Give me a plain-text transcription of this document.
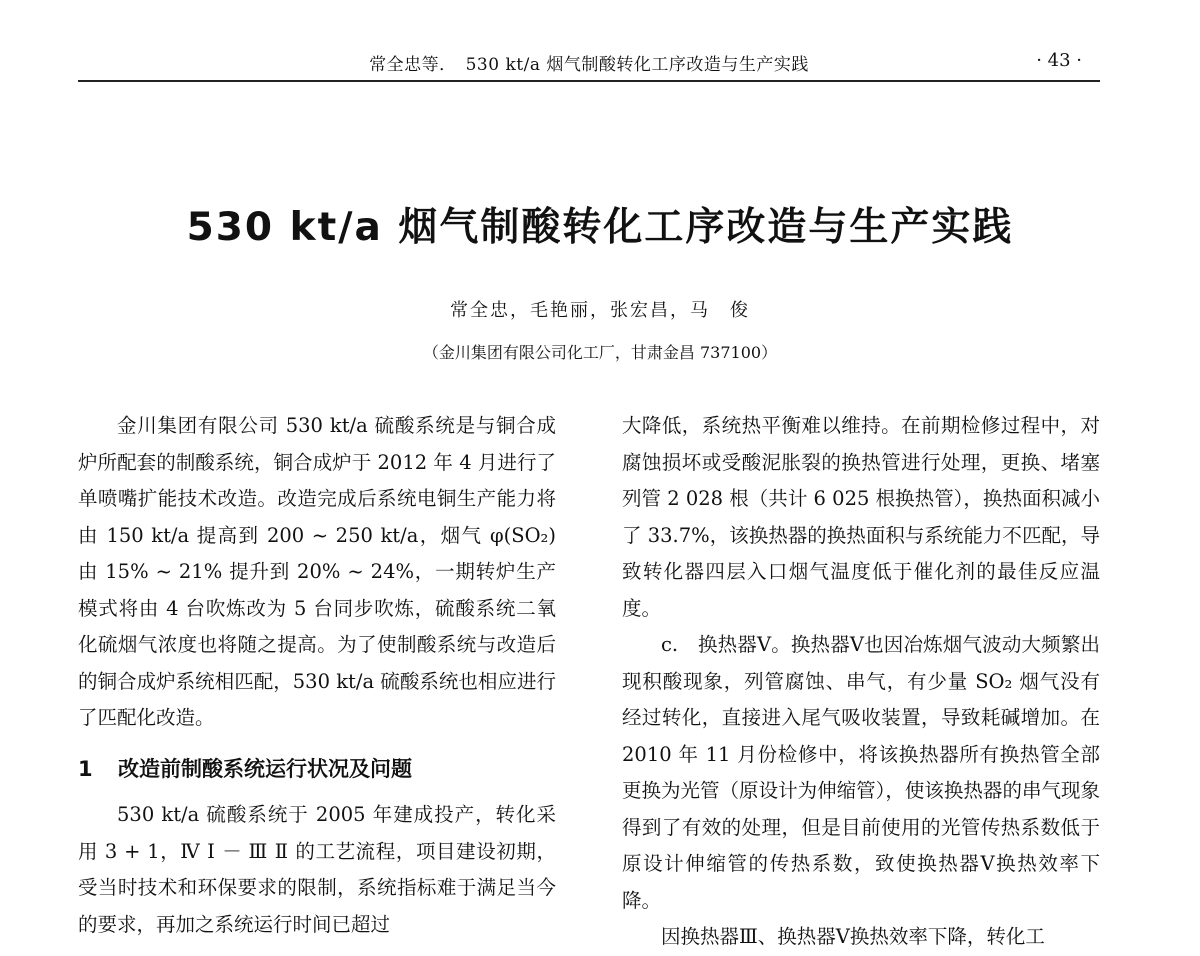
常全忠等．　530 kt/a 烟气制酸转化工序改造与生产实践	· 43 ·
530 kt/a 烟气制酸转化工序改造与生产实践
常全忠，毛艳丽，张宏昌，马　俊
（金川集团有限公司化工厂，甘肃金昌 737100）

金川集团有限公司 530 kt/a 硫酸系统是与铜合成炉所配套的制酸系统，铜合成炉于 2012 年 4 月进行了单喷嘴扩能技术改造。改造完成后系统电铜生产能力将由 150 kt/a 提高到 200 ~ 250 kt/a，烟气 φ(SO₂) 由 15% ~ 21% 提升到 20% ~ 24%，一期转炉生产模式将由 4 台吹炼改为 5 台同步吹炼，硫酸系统二氧化硫烟气浓度也将随之提高。为了使制酸系统与改造后的铜合成炉系统相匹配，530 kt/a 硫酸系统也相应进行了匹配化改造。

1 改造前制酸系统运行状况及问题

530 kt/a 硫酸系统于 2005 年建成投产，转化采用 3 + 1，Ⅳ Ⅰ － Ⅲ Ⅱ 的工艺流程，项目建设初期，受当时技术和环保要求的限制，系统指标难于满足当今的要求，再加之系统运行时间已超过

大降低，系统热平衡难以维持。在前期检修过程中，对腐蚀损坏或受酸泥胀裂的换热管进行处理，更换、堵塞列管 2 028 根（共计 6 025 根换热管），换热面积减小了 33.7%，该换热器的换热面积与系统能力不匹配，导致转化器四层入口烟气温度低于催化剂的最佳反应温度。

c.　换热器Ⅴ。换热器Ⅴ也因冶炼烟气波动大频繁出现积酸现象，列管腐蚀、串气，有少量 SO₂ 烟气没有经过转化，直接进入尾气吸收装置，导致耗碱增加。在 2010 年 11 月份检修中，将该换热器所有换热管全部更换为光管（原设计为伸缩管），使该换热器的串气现象得到了有效的处理，但是目前使用的光管传热系数低于原设计伸缩管的传热系数，致使换热器Ⅴ换热效率下降。

因换热器Ⅲ、换热器Ⅴ换热效率下降，转化工
